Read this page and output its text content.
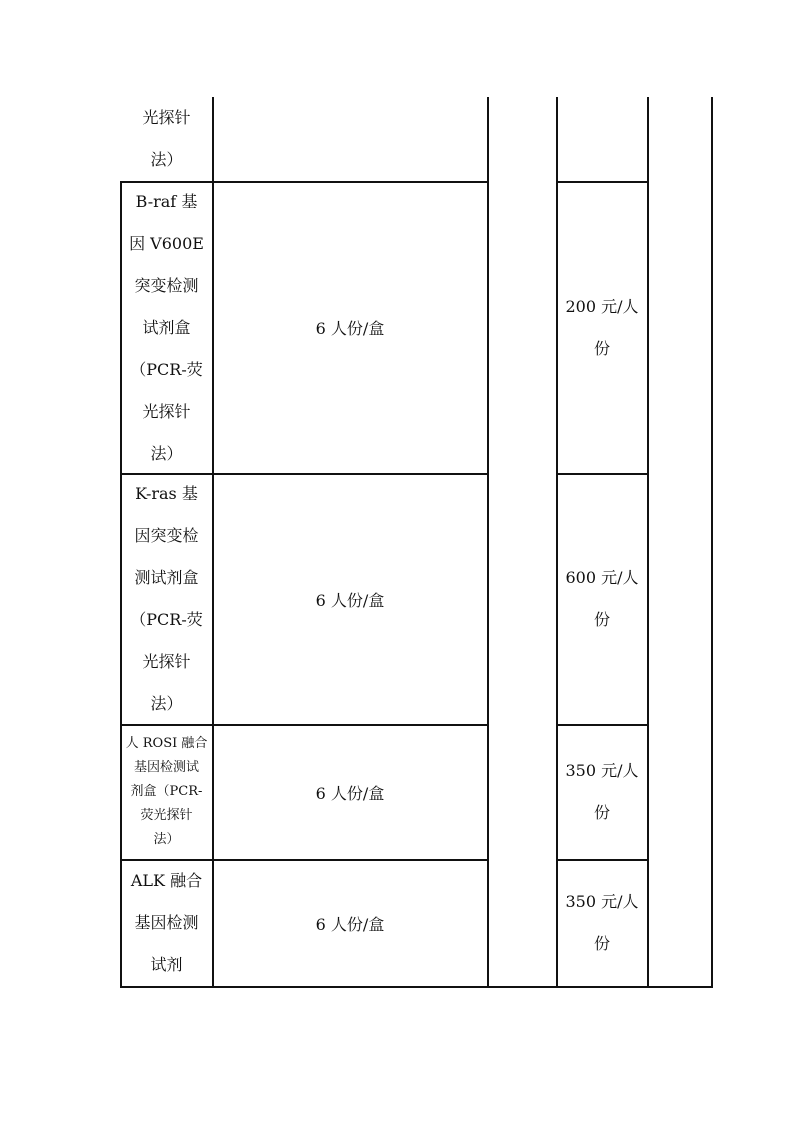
光探针
法）
B-raf 基
因 V600E
突变检测
试剂盒
（PCR-荧
光探针
法）
6 人份/盒
200 元/人
份
K-ras 基
因突变检
测试剂盒
（PCR-荧
光探针
法）
6 人份/盒
600 元/人
份
人 ROSI 融合
基因检测试
剂盒（PCR-
荧光探针
法）
6 人份/盒
350 元/人
份
ALK 融合
基因检测
试剂
6 人份/盒
350 元/人
份
